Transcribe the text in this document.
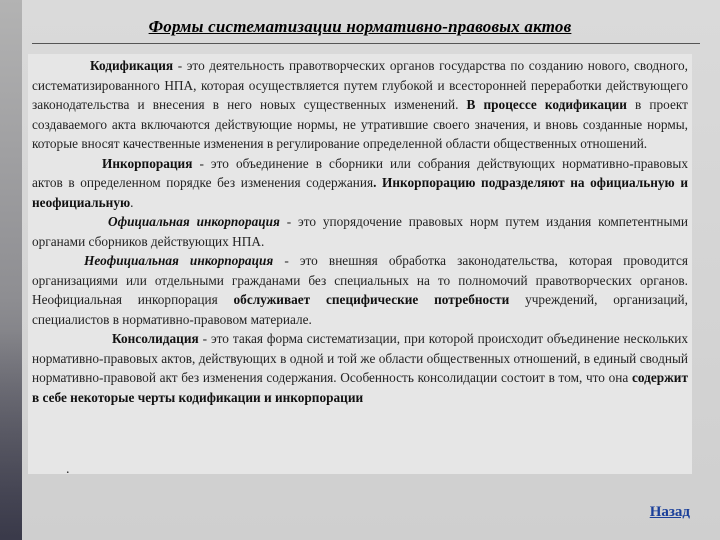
Формы систематизации нормативно-правовых актов

Кодификация - это деятельность правотворческих органов государства по созданию нового, сводного, систематизированного НПА, которая осуществляется путем глубокой и всесторонней переработки действующего законодательства и внесения в него новых существенных изменений. В процессе кодификации в проект создаваемого акта включаются действующие нормы, не утратившие своего значения, и вновь созданные нормы, которые вносят качественные изменения в регулирование определенной области общественных отношений.

Инкорпорация - это объединение в сборники или собрания действующих нормативно-правовых актов в определенном порядке без изменения содержания. Инкорпорацию подразделяют на официальную и неофициальную.

Официальная инкорпорация - это упорядочение правовых норм путем издания компетентными органами сборников действующих НПА.

Неофициальная инкорпорация - это внешняя обработка законодательства, которая проводится организациями или отдельными гражданами без специальных на то полномочий правотворческих органов. Неофициальная инкорпорация обслуживает специфические потребности учреждений, организаций, специалистов в нормативно-правовом материале.

Консолидация - это такая форма систематизации, при которой происходит объединение нескольких нормативно-правовых актов, действующих в одной и той же области общественных отношений, в единый сводный нормативно-правовой акт без изменения содержания. Особенность консолидации состоит в том, что она содержит в себе некоторые черты кодификации и инкорпорации

.
Назад
